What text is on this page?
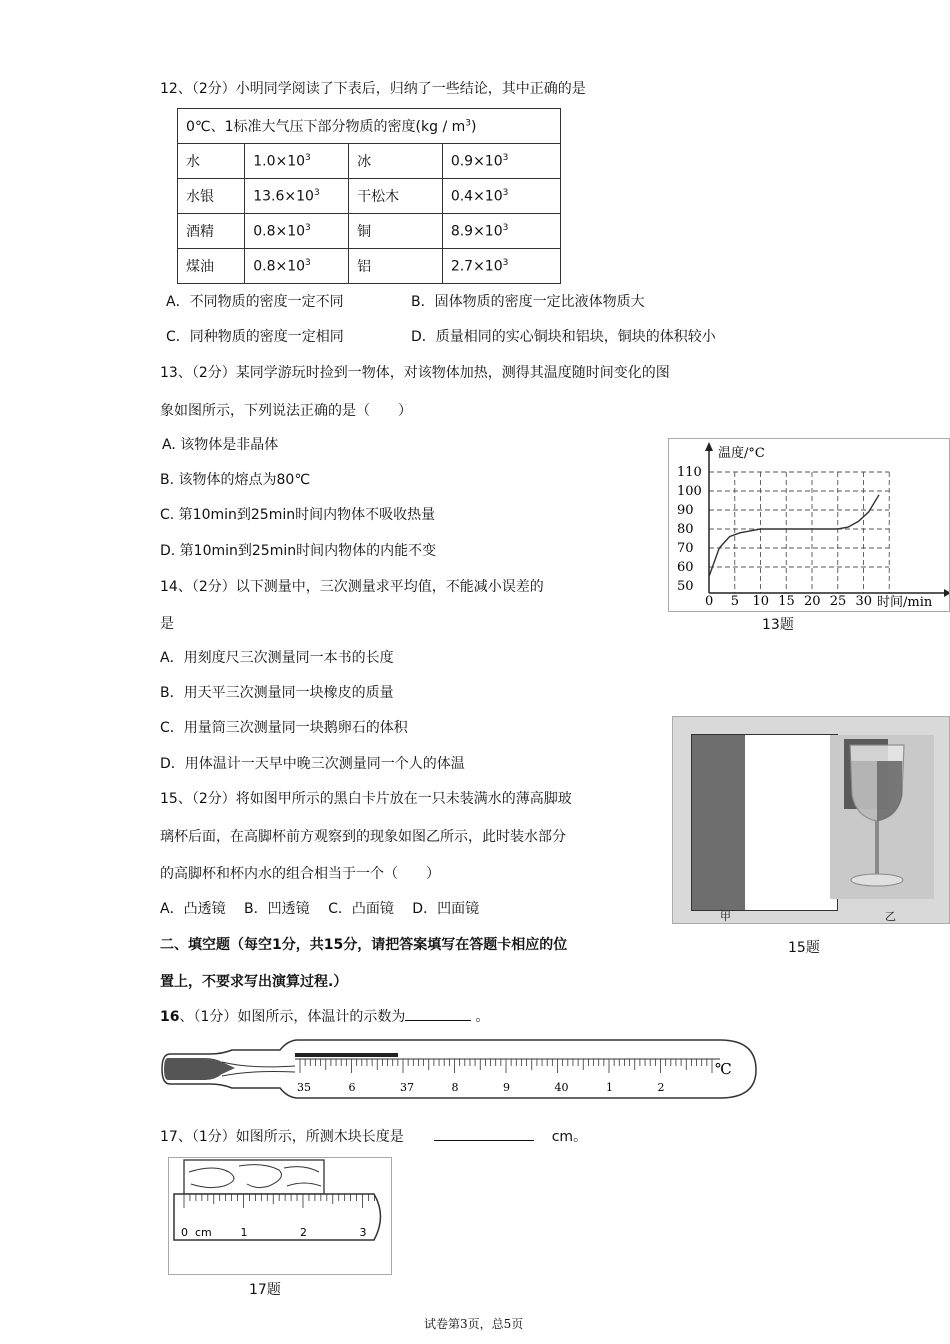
12、（2分）小明同学阅读了下表后，归纳了一些结论，其中正确的是
0℃、1标准大气压下部分物质的密度$(kg / m^3)$			
水	$1.0\times 10^3$	冰	$0.9\times 10^3$
水银	$13.6\times 10^3$	干松木	$0.4\times 10^3$
酒精	$0.8\times 10^3$	铜	$8.9\times 10^3$
煤油	$0.8\times 10^3$	铝	$2.7\times 10^3$
A．不同物质的密度一定不同	B．固体物质的密度一定比液体物质大
C．同种物质的密度一定相同	D．质量相同的实心铜块和铝块，铜块的体积较小
13、（2分）某同学游玩时捡到一物体，对该物体加热，测得其温度随时间变化的图
象如图所示，下列说法正确的是（　　）
A. 该物体是非晶体
B. 该物体的熔点为80℃
C. 第10min到25min时间内物体不吸收热量
D. 第10min到25min时间内物体的内能不变
温度/°C
时间/min
50
60
70
80
90
100
110
0 5 10 15 20 25 30
13题
14、（2分）以下测量中，三次测量求平均值，不能减小误差的
是
A．用刻度尺三次测量同一本书的长度
B．用天平三次测量同一块橡皮的质量
C．用量筒三次测量同一块鹅卵石的体积
D．用体温计一天早中晚三次测量同一个人的体温
15、（2分）将如图甲所示的黑白卡片放在一只未装满水的薄高脚玻
璃杯后面，在高脚杯前方观察到的现象如图乙所示，此时装水部分
的高脚杯和杯内水的组合相当于一个（　　）
A．凸透镜　 B．凹透镜　 C．凸面镜　 D．凹面镜	甲	乙
15题
二、填空题（每空1分，共15分，请把答案填写在答题卡相应的位
置上，不要求写出演算过程.）
16、（1分）如图所示，体温计的示数为	。
35	6	37	8	9	40	1	2
℃
17、（1分）如图所示，所测木块长度是	cm。
0	1	2	3
cm
17题
试卷第3页，总5页
